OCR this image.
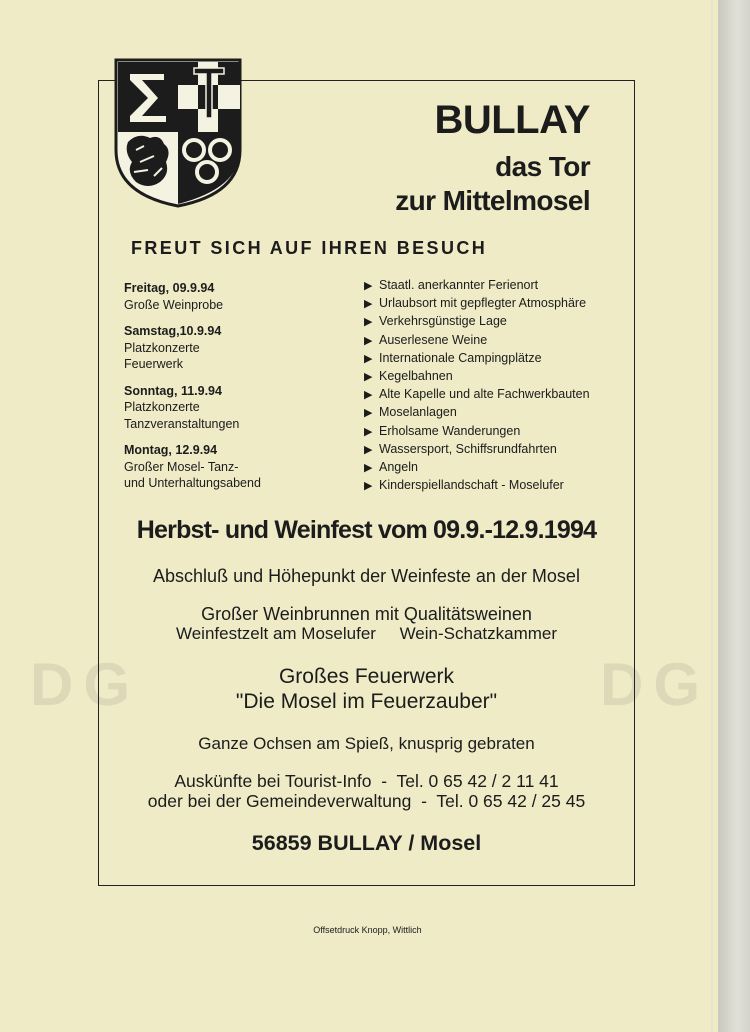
DG	DG
BULLAY
das Tor
zur Mittelmosel
FREUT SICH AUF IHREN BESUCH
Freitag, 09.9.94
Große Weinprobe
Samstag,10.9.94
Platzkonzerte
Feuerwerk
Sonntag, 11.9.94
Platzkonzerte
Tanzveranstaltungen
Montag, 12.9.94
Großer Mosel- Tanz-
und Unterhaltungsabend
▶ Staatl. anerkannter Ferienort
▶ Urlaubsort mit gepflegter Atmosphäre
▶ Verkehrsgünstige Lage
▶ Auserlesene Weine
▶ Internationale Campingplätze
▶ Kegelbahnen
▶ Alte Kapelle und alte Fachwerkbauten
▶ Moselanlagen
▶ Erholsame Wanderungen
▶ Wassersport, Schiffsrundfahrten
▶ Angeln
▶ Kinderspiellandschaft - Moselufer
Herbst- und Weinfest vom 09.9.-12.9.1994
Abschluß und Höhepunkt der Weinfeste an der Mosel
Großer Weinbrunnen mit Qualitätsweinen
Weinfestzelt am Moselufer     Wein-Schatzkammer
Großes Feuerwerk
"Die Mosel im Feuerzauber"
Ganze Ochsen am Spieß, knusprig gebraten
Auskünfte bei Tourist-Info  -  Tel. 0 65 42 / 2 11 41
oder bei der Gemeindeverwaltung  -  Tel. 0 65 42 / 25 45
56859 BULLAY / Mosel
Offsetdruck Knopp, Wittlich
